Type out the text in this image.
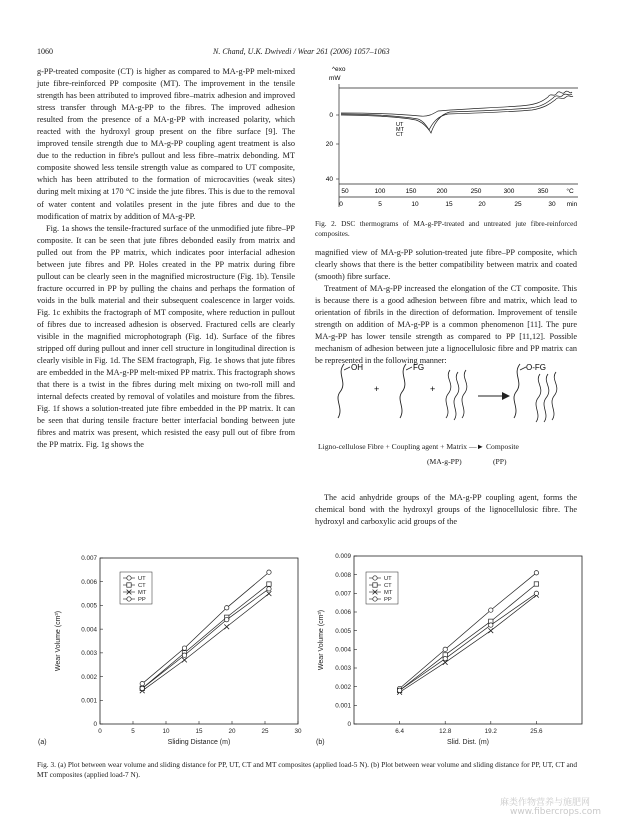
1060	N. Chand, U.K. Dwivedi / Wear 261 (2006) 1057–1063

g-PP-treated composite (CT) is higher as compared to MA-g-PP melt-mixed jute fibre-reinforced PP composite (MT). The improvement in the tensile strength has been attributed to improved fibre–matrix adhesion and improved stress transfer through MA-g-PP to the fibres. The improved adhesion resulted from the presence of a MA-g-PP with increased polarity, which reacted with the hydroxyl group present on the fibre surface [9]. The improved tensile strength due to MA-g-PP coupling agent treatment is also due to the reduction in fibre's pullout and less fibre–matrix debonding. MT composite showed less tensile strength value as compared to UT composite, which has been attributed to the formation of microcavities (weak sites) during melt mixing at 170 °C inside the jute fibres. This is due to the removal of water content and volatiles present in the jute fibres and due to the modification of matrix by addition of MA-g-PP.

Fig. 1a shows the tensile-fractured surface of the unmodified jute fibre–PP composite. It can be seen that jute fibres debonded easily from matrix and pulled out from the PP matrix, which indicates poor interfacial adhesion between jute fibres and PP. Holes created in the PP matrix during fibre pullout can be clearly seen in the magnified microstructure (Fig. 1b). Tensile fracture occurred in PP by pulling the chains and perhaps the formation of voids in the bulk material and their subsequent coalescence in larger voids. Fig. 1c exhibits the fractograph of MT composite, where reduction in pullout of fibres due to increased adhesion is observed. Fractured cells are clearly visible in the magnified microphotograph (Fig. 1d). Surface of the fibres stripped off during pullout and inner cell structure in longitudinal direction is clearly visible in Fig. 1d. The SEM fractograph, Fig. 1e shows that jute fibres are embedded in the MA-g-PP melt-mixed PP matrix. This fractograph shows that there is a twist in the fibres during melt mixing on two-roll mill and internal defects created by removal of volatiles and moisture from the fibres. Fig. 1f shows a solution-treated jute fibre embedded in the PP matrix. It can be seen that during tensile fracture better interfacial bonding between jute fibres and matrix was present, which resisted the easy pull out of fibre from the PP matrix. Fig. 1g shows the

^exo
mW
0
20
40
UT
MT
CT
50	100	150	200	250	300	350	°C
0	5	10	15	20	25	30 min
Fig. 2. DSC thermograms of MA-g-PP-treated and untreated jute fibre-reinforced composites.

magnified view of MA-g-PP solution-treated jute fibre–PP composite, which clearly shows that there is the better compatibility between matrix and coated (smooth) fibre surface.

Treatment of MA-g-PP increased the elongation of the CT composite. This is because there is a good adhesion between fibre and matrix, which lead to orientation of fibrils in the direction of deformation. Improvement of tensile strength on addition of MA-g-PP is a common phenomenon [11]. The pure MA-g-PP has lower tensile strength as compared to PP [11,12]. Possible mechanism of adhesion between jute a lignocellulosic fibre and PP matrix can be represented in the following manner:

OH
+
FG
+
O-FG
Ligno-cellulose Fibre + Coupling agent + Matrix —► Composite
(MA-g-PP)	(PP)
The acid anhydride groups of the MA-g-PP coupling agent, forms the chemical bond with the hydroxyl groups of the lignocellulosic fibre. The hydroxyl and carboxylic acid groups of the
0
0.001
0.002
0.003
0.004
0.005
0.006
0.007
0	5	10	15	20	25	30
UT
CT
MT
PP
Sliding Distance (m)
Wear Volume (cm³)
(a)
0
0.001
0.002
0.003
0.004
0.005
0.006
0.007
0.008
0.009
6.4	12.8	19.2	25.6
UT
CT
MT
PP
Slid. Dist. (m)
Wear Volume (cm³)
(b)
Fig. 3. (a) Plot between wear volume and sliding distance for PP, UT, CT and MT composites (applied load-5 N). (b) Plot between wear volume and sliding distance for PP, UT, CT and MT composites (applied load-7 N).
麻类作物营养与施肥网
www.fibercrops.com
